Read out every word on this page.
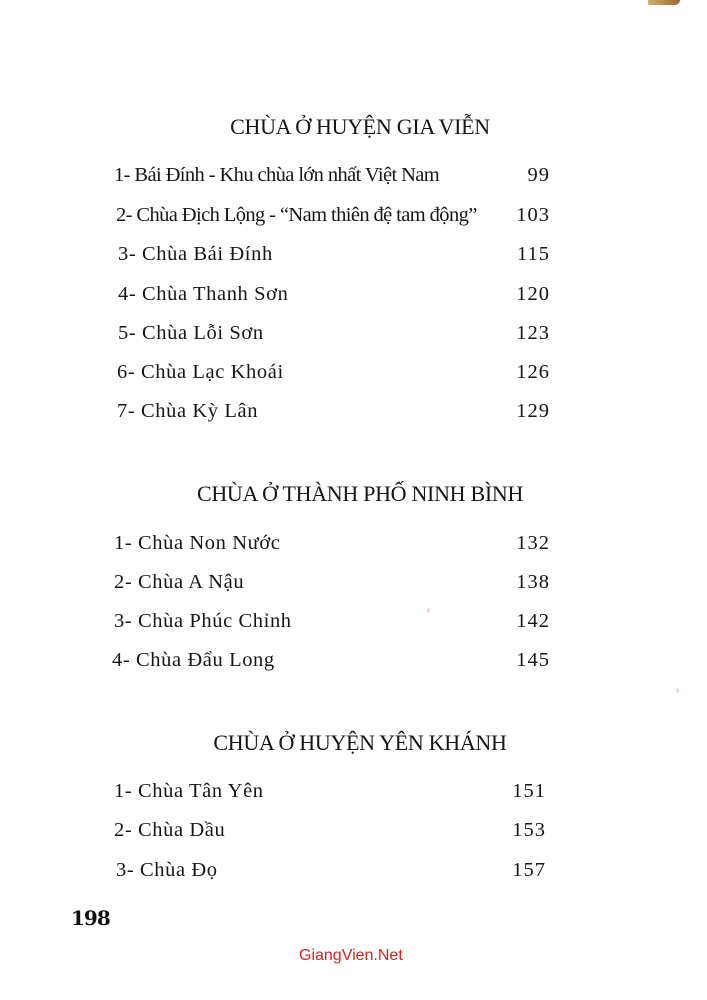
CHÙA Ở HUYỆN GIA VIỄN
1- Bái Đính - Khu chùa lớn nhất Việt Nam	99
2- Chùa Địch Lộng - “Nam thiên đệ tam động” 103
3- Chùa Bái Đính	115
4- Chùa Thanh Sơn	120
5- Chùa Lỗi Sơn	123
6- Chùa Lạc Khoái	126
7- Chùa Kỳ Lân	129
CHÙA Ở THÀNH PHỐ NINH BÌNH
1- Chùa Non Nước	132
2- Chùa A Nậu	138
3- Chùa Phúc Chỉnh	142
4- Chùa Đẩu Long	145
CHÙA Ở HUYỆN YÊN KHÁNH
1- Chùa Tân Yên	151
2- Chùa Dầu	153
3- Chùa Đọ	157
198
GiangVien.Net
